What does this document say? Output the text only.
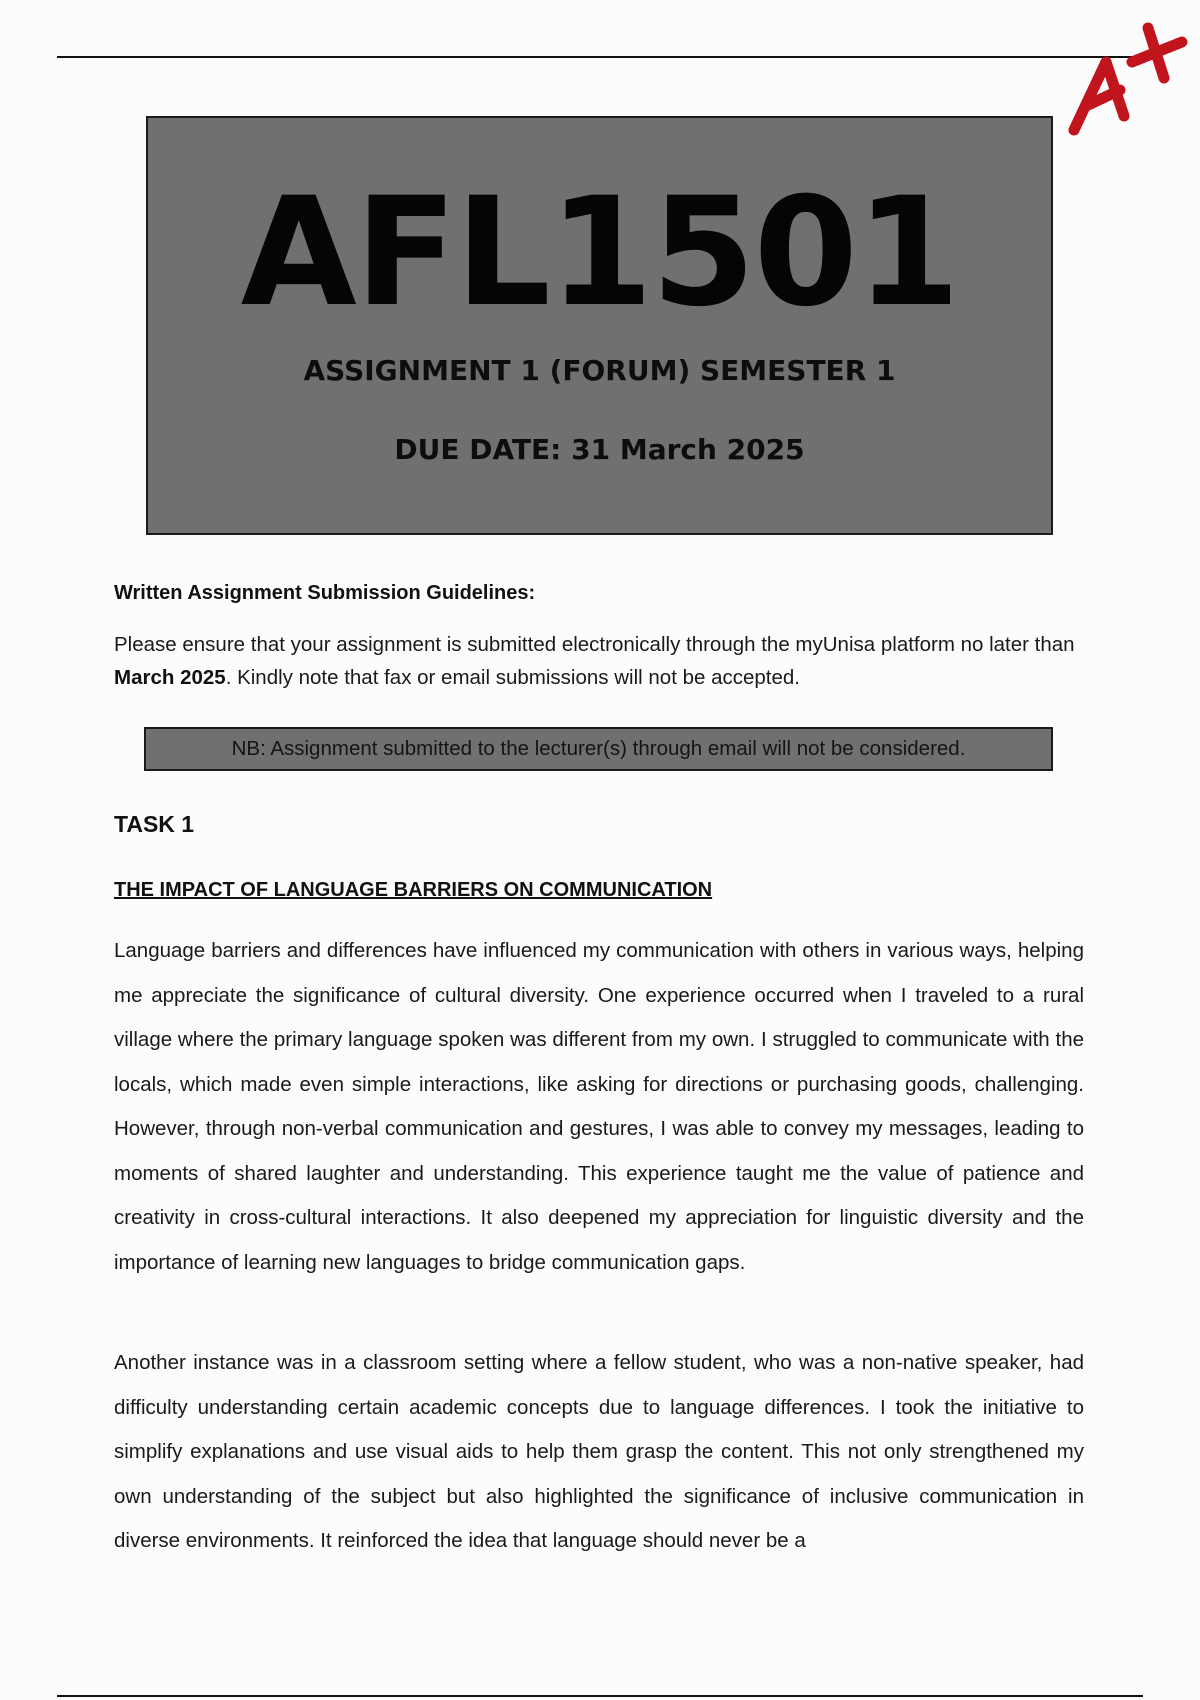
AFL1501
ASSIGNMENT 1 (FORUM) SEMESTER 1
DUE DATE: 31 March 2025

Written Assignment Submission Guidelines:

Please ensure that your assignment is submitted electronically through the myUnisa platform no later than March 2025. Kindly note that fax or email submissions will not be accepted.

NB: Assignment submitted to the lecturer(s) through email will not be considered.
TASK 1
THE IMPACT OF LANGUAGE BARRIERS ON COMMUNICATION

Language barriers and differences have influenced my communication with others in various ways, helping me appreciate the significance of cultural diversity. One experience occurred when I traveled to a rural village where the primary language spoken was different from my own. I struggled to communicate with the locals, which made even simple interactions, like asking for directions or purchasing goods, challenging. However, through non-verbal communication and gestures, I was able to convey my messages, leading to moments of shared laughter and understanding. This experience taught me the value of patience and creativity in cross-cultural interactions. It also deepened my appreciation for linguistic diversity and the importance of learning new languages to bridge communication gaps.

Another instance was in a classroom setting where a fellow student, who was a non-native speaker, had difficulty understanding certain academic concepts due to language differences. I took the initiative to simplify explanations and use visual aids to help them grasp the content. This not only strengthened my own understanding of the subject but also highlighted the significance of inclusive communication in diverse environments. It reinforced the idea that language should never be a
